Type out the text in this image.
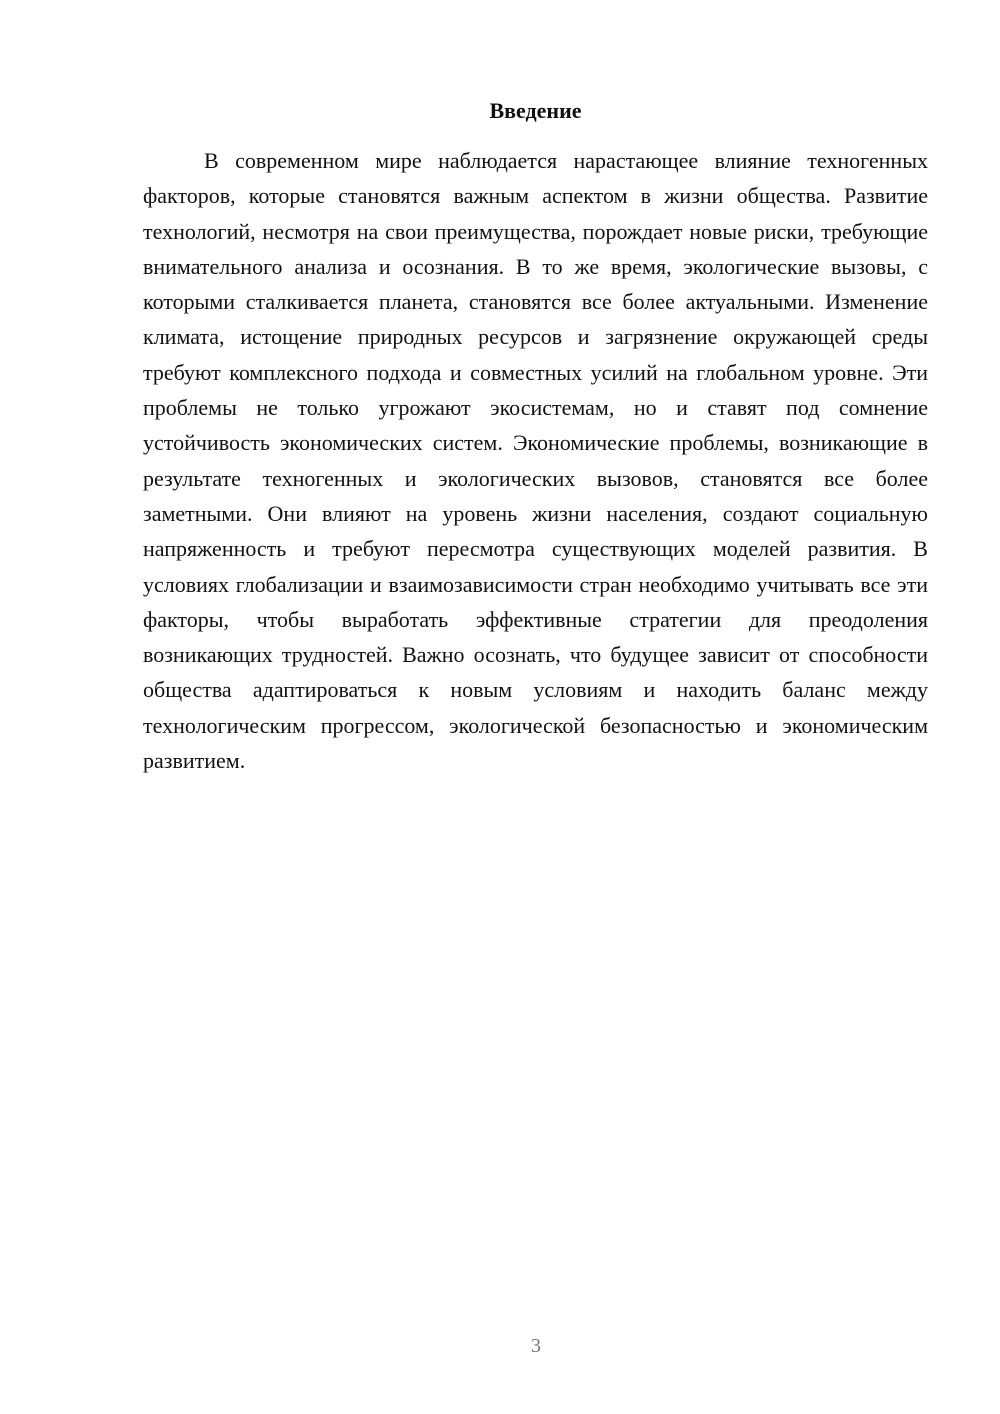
Введение

В современном мире наблюдается нарастающее влияние техногенных факторов, которые становятся важным аспектом в жизни общества. Развитие технологий, несмотря на свои преимущества, порождает новые риски, требующие внимательного анализа и осознания. В то же время, экологические вызовы, с которыми сталкивается планета, становятся все более актуальными. Изменение климата, истощение природных ресурсов и загрязнение окружающей среды требуют комплексного подхода и совместных усилий на глобальном уровне. Эти проблемы не только угрожают экосистемам, но и ставят под сомнение устойчивость экономических систем. Экономические проблемы, возникающие в результате техногенных и экологических вызовов, становятся все более заметными. Они влияют на уровень жизни населения, создают социальную напряженность и требуют пересмотра существующих моделей развития. В условиях глобализации и взаимозависимости стран необходимо учитывать все эти факторы, чтобы выработать эффективные стратегии для преодоления возникающих трудностей. Важно осознать, что будущее зависит от способности общества адаптироваться к новым условиям и находить баланс между технологическим прогрессом, экологической безопасностью и экономическим развитием.

3
